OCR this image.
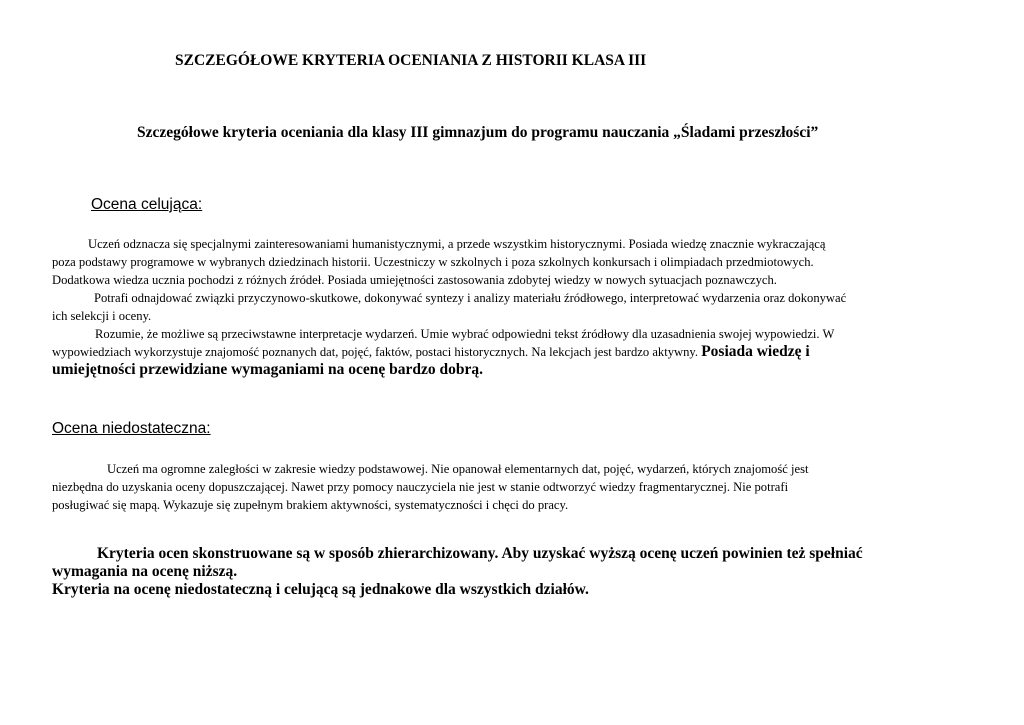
SZCZEGÓŁOWE KRYTERIA OCENIANIA Z HISTORII KLASA III
Szczegółowe kryteria oceniania dla klasy III gimnazjum do programu nauczania „Śladami przeszłości”
Ocena celująca:
Uczeń odznacza się specjalnymi zainteresowaniami humanistycznymi, a przede wszystkim historycznymi. Posiada wiedzę znacznie wykraczającą
poza podstawy programowe w wybranych dziedzinach historii. Uczestniczy w szkolnych i poza szkolnych konkursach i olimpiadach przedmiotowych.
Dodatkowa wiedza ucznia pochodzi z różnych źródeł. Posiada umiejętności zastosowania zdobytej wiedzy w nowych sytuacjach poznawczych.
Potrafi odnajdować związki przyczynowo-skutkowe, dokonywać syntezy i analizy materiału źródłowego, interpretować wydarzenia oraz dokonywać
ich selekcji i oceny.
Rozumie, że możliwe są przeciwstawne interpretacje wydarzeń. Umie wybrać odpowiedni tekst źródłowy dla uzasadnienia swojej wypowiedzi. W
wypowiedziach wykorzystuje znajomość poznanych dat, pojęć, faktów, postaci historycznych. Na lekcjach jest bardzo aktywny. Posiada wiedzę i
umiejętności przewidziane wymaganiami na ocenę bardzo dobrą.
Ocena niedostateczna:
Uczeń ma ogromne zaległości w zakresie wiedzy podstawowej. Nie opanował elementarnych dat, pojęć, wydarzeń, których znajomość jest
niezbędna do uzyskania oceny dopuszczającej. Nawet przy pomocy nauczyciela nie jest w stanie odtworzyć wiedzy fragmentarycznej. Nie potrafi
posługiwać się mapą. Wykazuje się zupełnym brakiem aktywności, systematyczności i chęci do pracy.
Kryteria ocen skonstruowane są w sposób zhierarchizowany. Aby uzyskać wyższą ocenę uczeń powinien też spełniać
wymagania na ocenę niższą.
Kryteria na ocenę niedostateczną i celującą są jednakowe dla wszystkich działów.
